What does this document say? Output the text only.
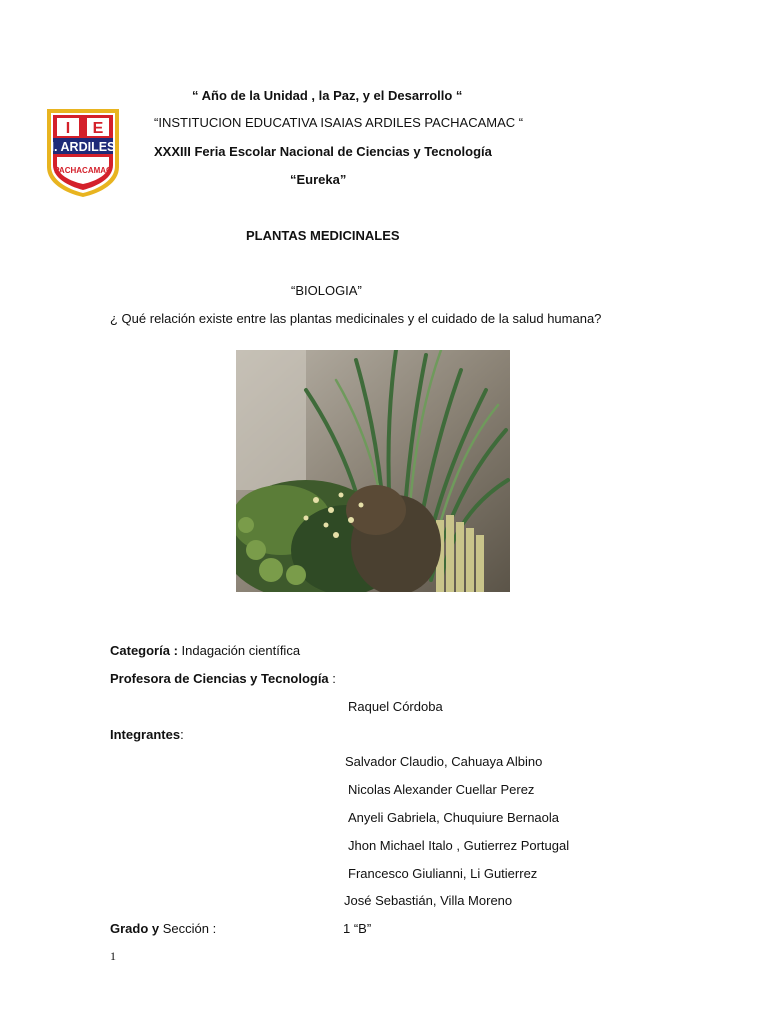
“ Año de la Unidad , la Paz, y el Desarrollo “
“INSTITUCION EDUCATIVA ISAIAS ARDILES PACHACAMAC “
XXXIII Feria Escolar Nacional de Ciencias y Tecnología
“Eureka”
I E
I. ARDILES
PACHACAMAC
PLANTAS MEDICINALES
“BIOLOGIA”
¿ Qué relación existe entre las plantas medicinales y el cuidado de la salud humana?
Categoría : Indagación científica
Profesora de Ciencias y Tecnología :
Raquel Córdoba
Integrantes:
Salvador Claudio, Cahuaya Albino
Nicolas Alexander Cuellar Perez
Anyeli Gabriela, Chuquiure Bernaola
Jhon Michael Italo , Gutierrez Portugal
Francesco Giulianni, Li Gutierrez
José Sebastián, Villa Moreno
Grado y Sección :	1 “B”
1
